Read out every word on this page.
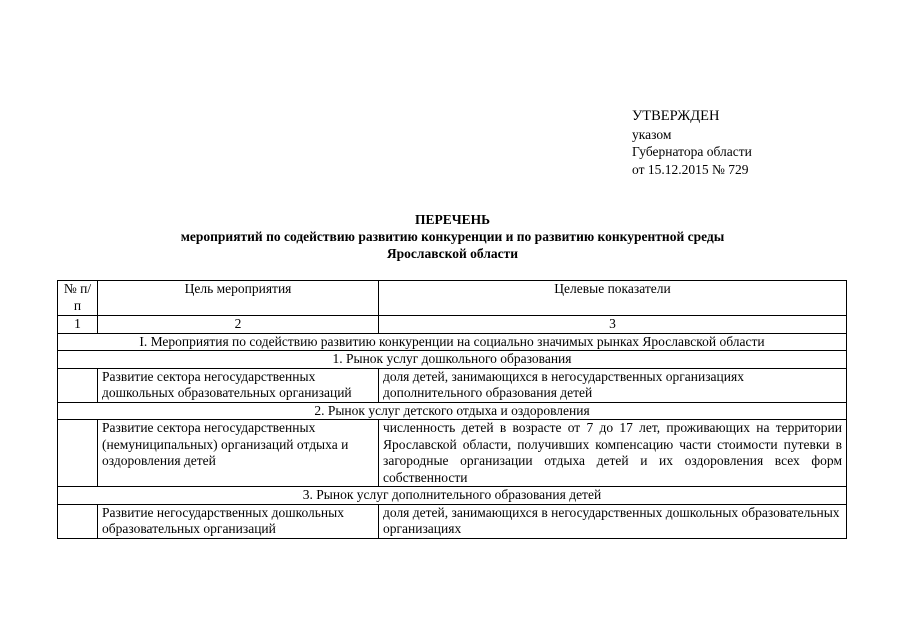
УТВЕРЖДЕН
указом
Губернатора области
от 15.12.2015 № 729
ПЕРЕЧЕНЬ
мероприятий по содействию развитию конкуренции и по развитию конкурентной среды
Ярославской области
№ п/п	Цель мероприятия	Целевые показатели
1	2	3
I. Мероприятия по содействию развитию конкуренции на социально значимых рынках Ярославской области		
1. Рынок услуг дошкольного образования		
	Развитие сектора негосударственных дошкольных образовательных организаций	доля детей, занимающихся в негосударственных организациях дополнительного образования детей
2. Рынок услуг детского отдыха и оздоровления		
	Развитие сектора негосударственных (немуниципальных) организаций отдыха и оздоровления детей	численность детей в возрасте от 7 до 17 лет, проживающих на территории Ярославской области, получивших компенсацию части стоимости путевки в загородные организации отдыха детей и их оздоровления всех форм собственности
3. Рынок услуг дополнительного образования детей		
	Развитие негосударственных дошкольных образовательных организаций	доля детей, занимающихся в негосударственных дошкольных образовательных организациях
